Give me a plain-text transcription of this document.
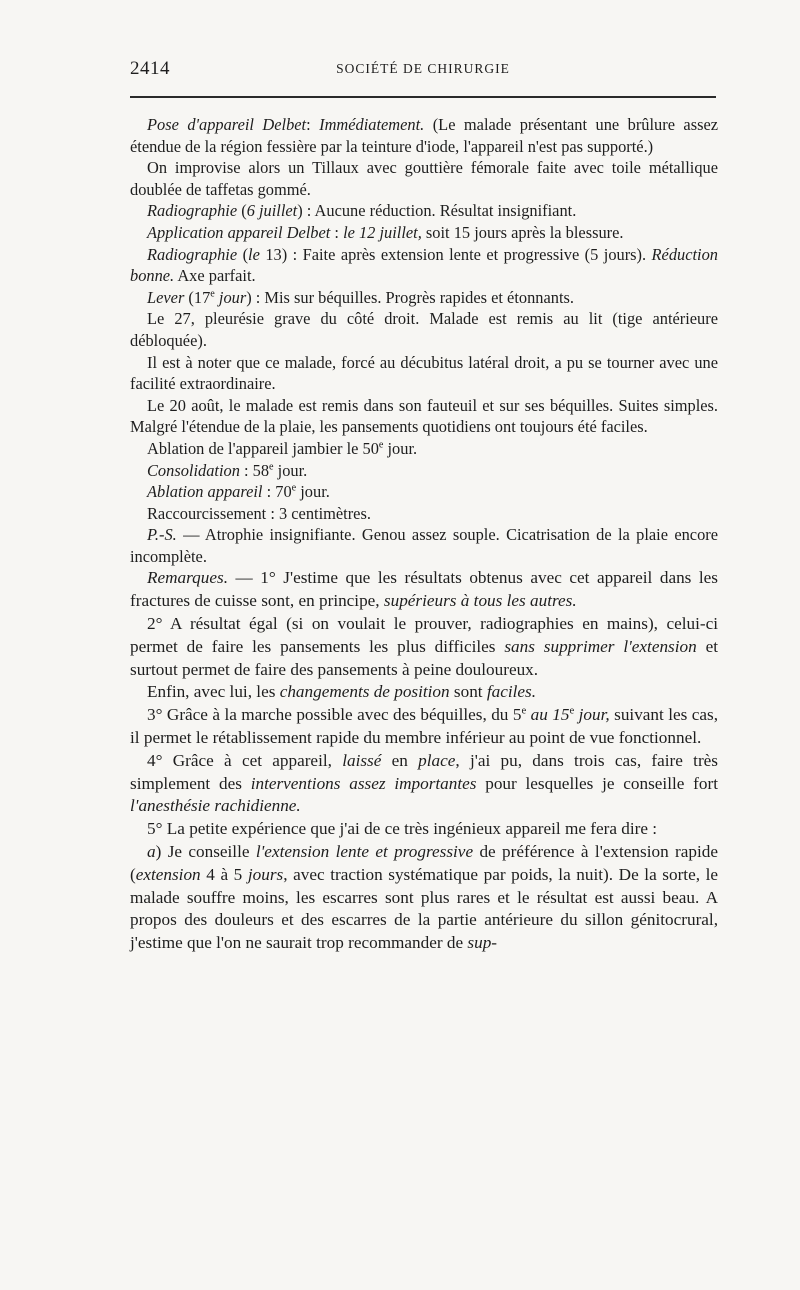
2414	SOCIÉTÉ DE CHIRURGIE

Pose d'appareil Delbet: Immédiatement. (Le malade présentant une brûlure assez étendue de la région fessière par la teinture d'iode, l'appareil n'est pas supporté.)

On improvise alors un Tillaux avec gouttière fémorale faite avec toile métallique doublée de taffetas gommé.

Radiographie (6 juillet) : Aucune réduction. Résultat insignifiant.

Application appareil Delbet : le 12 juillet, soit 15 jours après la blessure.

Radiographie (le 13) : Faite après extension lente et progressive (5 jours). Réduction bonne. Axe parfait.

Lever (17e jour) : Mis sur béquilles. Progrès rapides et étonnants.

Le 27, pleurésie grave du côté droit. Malade est remis au lit (tige antérieure débloquée).

Il est à noter que ce malade, forcé au décubitus latéral droit, a pu se tourner avec une facilité extraordinaire.

Le 20 août, le malade est remis dans son fauteuil et sur ses béquilles. Suites simples. Malgré l'étendue de la plaie, les pansements quotidiens ont toujours été faciles.

Ablation de l'appareil jambier le 50e jour.

Consolidation : 58e jour.

Ablation appareil : 70e jour.

Raccourcissement : 3 centimètres.

P.-S. — Atrophie insignifiante. Genou assez souple. Cicatrisation de la plaie encore incomplète.

Remarques. — 1° J'estime que les résultats obtenus avec cet appareil dans les fractures de cuisse sont, en principe, supérieurs à tous les autres.

2° A résultat égal (si on voulait le prouver, radiographies en mains), celui-ci permet de faire les pansements les plus difficiles sans supprimer l'extension et surtout permet de faire des pansements à peine douloureux.

Enfin, avec lui, les changements de position sont faciles.

3° Grâce à la marche possible avec des béquilles, du 5e au 15e jour, suivant les cas, il permet le rétablissement rapide du membre inférieur au point de vue fonctionnel.

4° Grâce à cet appareil, laissé en place, j'ai pu, dans trois cas, faire très simplement des interventions assez importantes pour lesquelles je conseille fort l'anesthésie rachidienne.

5° La petite expérience que j'ai de ce très ingénieux appareil me fera dire :

a) Je conseille l'extension lente et progressive de préférence à l'extension rapide (extension 4 à 5 jours, avec traction systématique par poids, la nuit). De la sorte, le malade souffre moins, les escarres sont plus rares et le résultat est aussi beau. A propos des douleurs et des escarres de la partie antérieure du sillon génitocrural, j'estime que l'on ne saurait trop recommander de sup-
